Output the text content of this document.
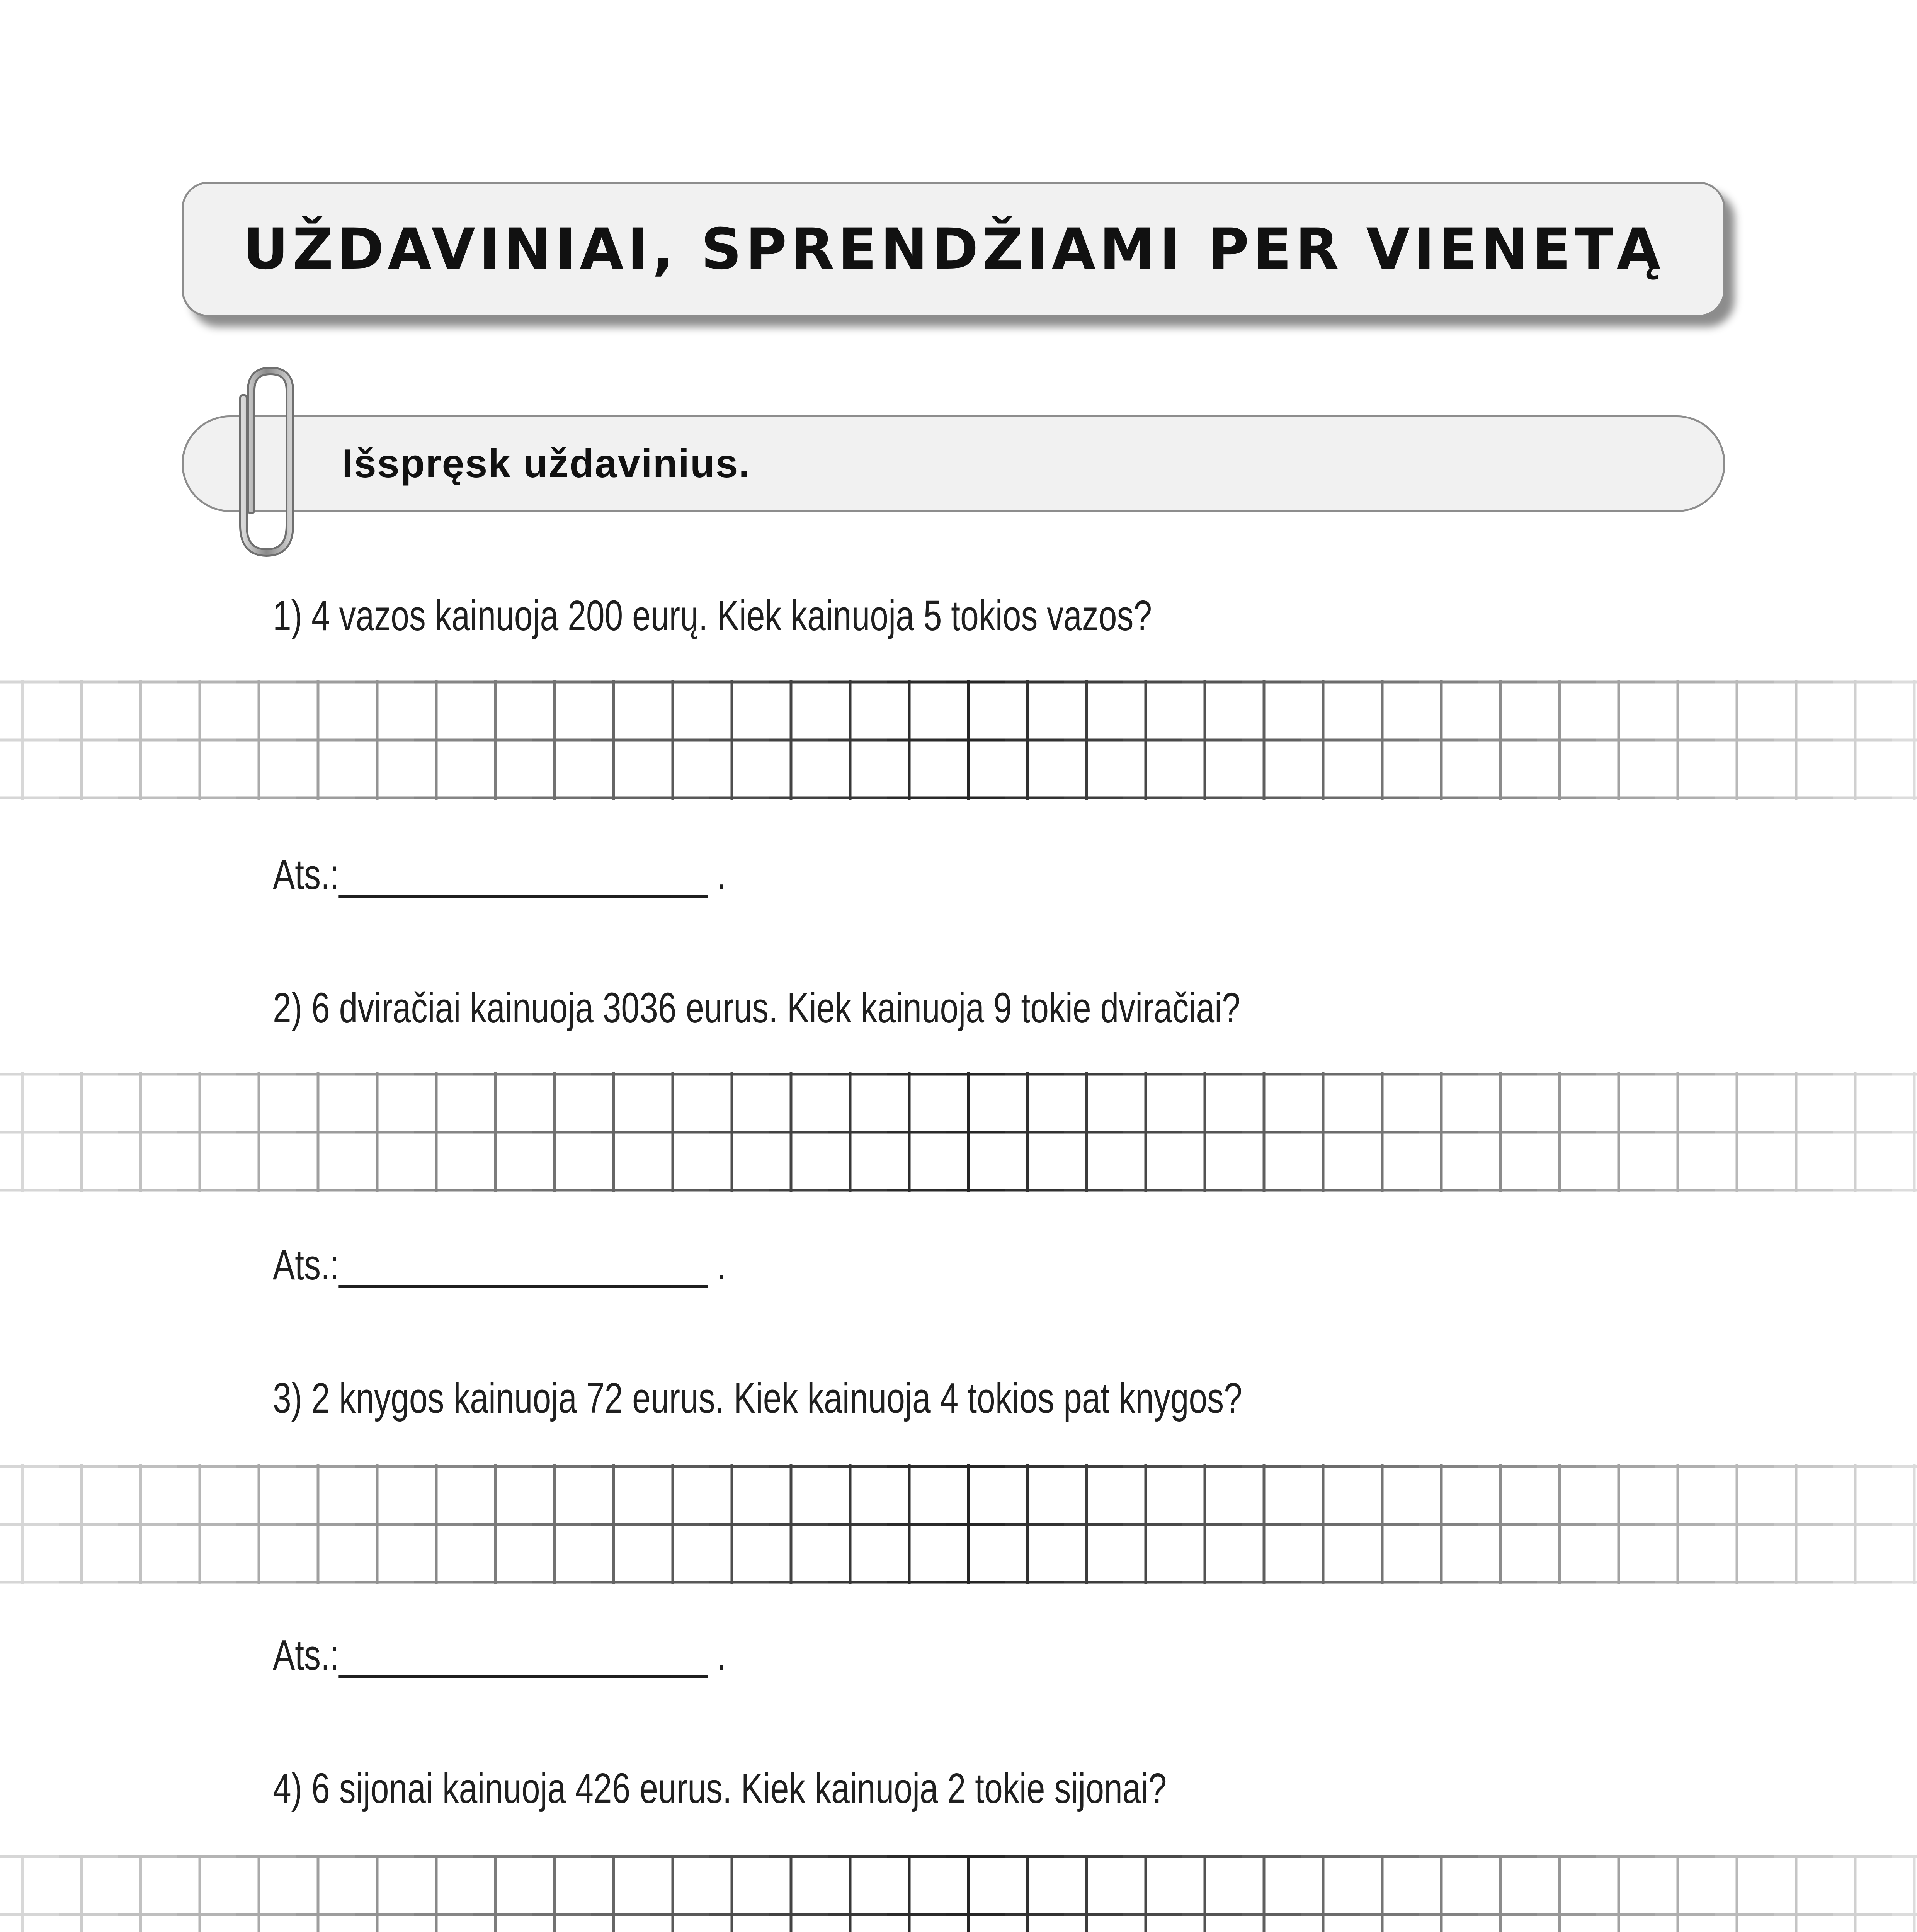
UŽDAVINIAI, SPRENDŽIAMI PER VIENETĄ
Išspręsk uždavinius.
1) 4 vazos kainuoja 200 eurų. Kiek kainuoja 5 tokios vazos?
Ats.:____________________ .
2) 6 dviračiai kainuoja 3036 eurus. Kiek kainuoja 9 tokie dviračiai?
Ats.:____________________ .
3) 2 knygos kainuoja 72 eurus. Kiek kainuoja 4 tokios pat knygos?
Ats.:____________________ .
4) 6 sijonai kainuoja 426 eurus. Kiek kainuoja 2 tokie sijonai?
